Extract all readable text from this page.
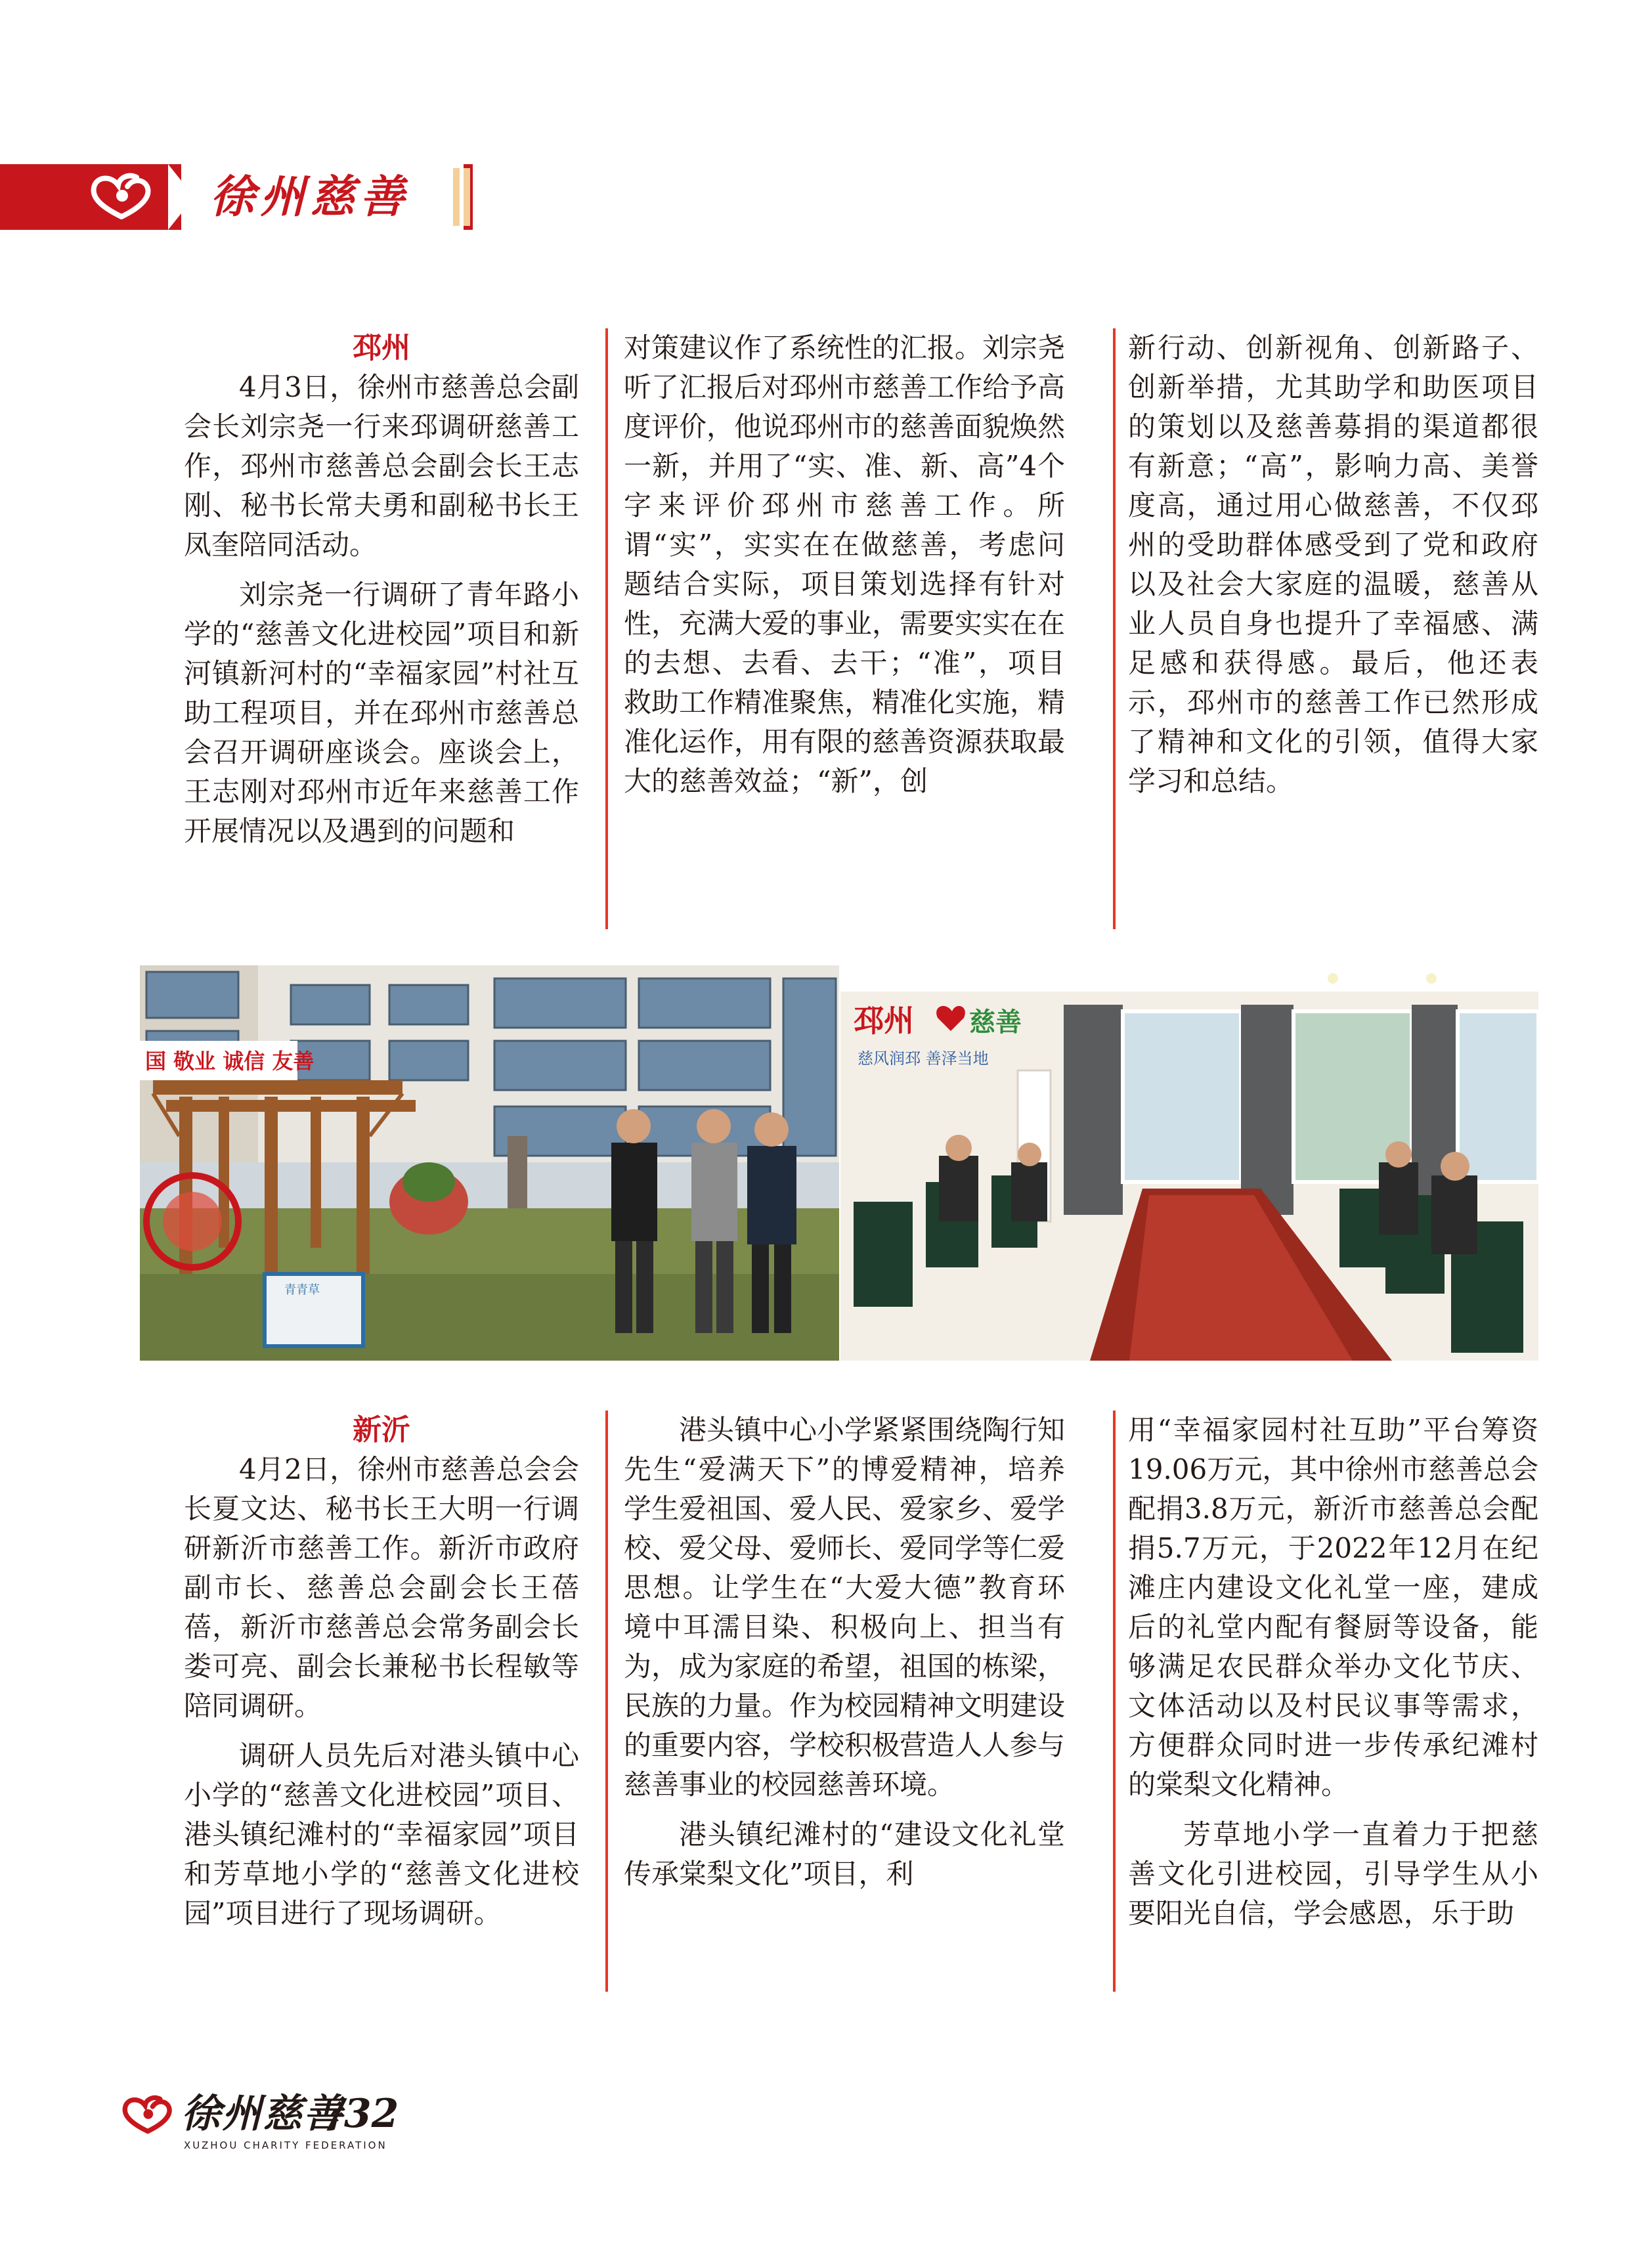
徐州慈善
邳州

4月3日，徐州市慈善总会副会长刘宗尧一行来邳调研慈善工作，邳州市慈善总会副会长王志刚、秘书长常夫勇和副秘书长王凤奎陪同活动。

刘宗尧一行调研了青年路小学的“慈善文化进校园”项目和新河镇新河村的“幸福家园”村社互助工程项目，并在邳州市慈善总会召开调研座谈会。座谈会上，王志刚对邳州市近年来慈善工作开展情况以及遇到的问题和

对策建议作了系统性的汇报。刘宗尧听了汇报后对邳州市慈善工作给予高度评价，他说邳州市的慈善面貌焕然一新，并用了“实、准、新、高”4个字来评价邳州市慈善工作。所谓“实”，实实在在做慈善，考虑问题结合实际，项目策划选择有针对性，充满大爱的事业，需要实实在在的去想、去看、去干；“准”，项目救助工作精准聚焦，精准化实施，精准化运作，用有限的慈善资源获取最大的慈善效益；“新”，创

新行动、创新视角、创新路子、创新举措，尤其助学和助医项目的策划以及慈善募捐的渠道都很有新意；“高”，影响力高、美誉度高，通过用心做慈善，不仅邳州的受助群体感受到了党和政府以及社会大家庭的温暖，慈善从业人员自身也提升了幸福感、满足感和获得感。最后，他还表示，邳州市的慈善工作已然形成了精神和文化的引领，值得大家学习和总结。

国 敬业 诚信 友善
青青草
邳州 慈善
慈风润邳 善泽当地
新沂

4月2日，徐州市慈善总会会长夏文达、秘书长王大明一行调研新沂市慈善工作。新沂市政府副市长、慈善总会副会长王蓓蓓，新沂市慈善总会常务副会长娄可亮、副会长兼秘书长程敏等陪同调研。

调研人员先后对港头镇中心小学的“慈善文化进校园”项目、港头镇纪滩村的“幸福家园”项目和芳草地小学的“慈善文化进校园”项目进行了现场调研。

港头镇中心小学紧紧围绕陶行知先生“爱满天下”的博爱精神，培养学生爱祖国、爱人民、爱家乡、爱学校、爱父母、爱师长、爱同学等仁爱思想。让学生在“大爱大德”教育环境中耳濡目染、积极向上、担当有为，成为家庭的希望，祖国的栋梁，民族的力量。作为校园精神文明建设的重要内容，学校积极营造人人参与慈善事业的校园慈善环境。

港头镇纪滩村的“建设文化礼堂 传承棠梨文化”项目，利

用“幸福家园村社互助”平台筹资19.06万元，其中徐州市慈善总会配捐3.8万元，新沂市慈善总会配捐5.7万元，于2022年12月在纪滩庄内建设文化礼堂一座，建成后的礼堂内配有餐厨等设备，能够满足农民群众举办文化节庆、文体活动以及村民议事等需求，方便群众同时进一步传承纪滩村的棠梨文化精神。

芳草地小学一直着力于把慈善文化引进校园，引导学生从小要阳光自信，学会感恩，乐于助

徐州慈善
XUZHOU CHARITY FEDERATION
/32
